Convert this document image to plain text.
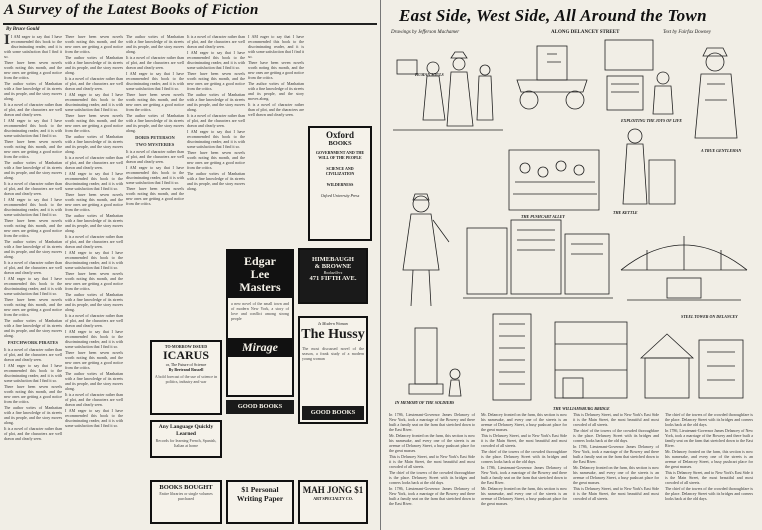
A Survey of the Latest Books of Fiction
By Bruce Gould

I I AM eager to say that I have recommended this book to the discriminating reader, and it is with some satisfaction that I find it so.

There have been seven novels worth noting this month, and the new ones are getting a good notice from the critics.

The author writes of Manhattan with a fine knowledge of its streets and its people, and the story moves along.

It is a novel of character rather than of plot, and the characters are well drawn and clearly seen.

I AM eager to say that I have recommended this book to the discriminating reader, and it is with some satisfaction that I find it so.

There have been seven novels worth noting this month, and the new ones are getting a good notice from the critics.

The author writes of Manhattan with a fine knowledge of its streets and its people, and the story moves along.

It is a novel of character rather than of plot, and the characters are well drawn and clearly seen.

I AM eager to say that I have recommended this book to the discriminating reader, and it is with some satisfaction that I find it so.

There have been seven novels worth noting this month, and the new ones are getting a good notice from the critics.

The author writes of Manhattan with a fine knowledge of its streets and its people, and the story moves along.

It is a novel of character rather than of plot, and the characters are well drawn and clearly seen.

I AM eager to say that I have recommended this book to the discriminating reader, and it is with some satisfaction that I find it so.

There have been seven novels worth noting this month, and the new ones are getting a good notice from the critics.

The author writes of Manhattan with a fine knowledge of its streets and its people, and the story moves along.

PATCHWORK PIRATES

It is a novel of character rather than of plot, and the characters are well drawn and clearly seen.

I AM eager to say that I have recommended this book to the discriminating reader, and it is with some satisfaction that I find it so.

There have been seven novels worth noting this month, and the new ones are getting a good notice from the critics.

The author writes of Manhattan with a fine knowledge of its streets and its people, and the story moves along.

It is a novel of character rather than of plot, and the characters are well drawn and clearly seen.

There have been seven novels worth noting this month, and the new ones are getting a good notice from the critics.

The author writes of Manhattan with a fine knowledge of its streets and its people, and the story moves along.

It is a novel of character rather than of plot, and the characters are well drawn and clearly seen.

I AM eager to say that I have recommended this book to the discriminating reader, and it is with some satisfaction that I find it so.

There have been seven novels worth noting this month, and the new ones are getting a good notice from the critics.

The author writes of Manhattan with a fine knowledge of its streets and its people, and the story moves along.

It is a novel of character rather than of plot, and the characters are well drawn and clearly seen.

I AM eager to say that I have recommended this book to the discriminating reader, and it is with some satisfaction that I find it so.

There have been seven novels worth noting this month, and the new ones are getting a good notice from the critics.

The author writes of Manhattan with a fine knowledge of its streets and its people, and the story moves along.

It is a novel of character rather than of plot, and the characters are well drawn and clearly seen.

I AM eager to say that I have recommended this book to the discriminating reader, and it is with some satisfaction that I find it so.

There have been seven novels worth noting this month, and the new ones are getting a good notice from the critics.

The author writes of Manhattan with a fine knowledge of its streets and its people, and the story moves along.

It is a novel of character rather than of plot, and the characters are well drawn and clearly seen.

I AM eager to say that I have recommended this book to the discriminating reader, and it is with some satisfaction that I find it so.

There have been seven novels worth noting this month, and the new ones are getting a good notice from the critics.

The author writes of Manhattan with a fine knowledge of its streets and its people, and the story moves along.

It is a novel of character rather than of plot, and the characters are well drawn and clearly seen.

I AM eager to say that I have recommended this book to the discriminating reader, and it is with some satisfaction that I find it so.

The author writes of Manhattan with a fine knowledge of its streets and its people, and the story moves along.

It is a novel of character rather than of plot, and the characters are well drawn and clearly seen.

I AM eager to say that I have recommended this book to the discriminating reader, and it is with some satisfaction that I find it so.

There have been seven novels worth noting this month, and the new ones are getting a good notice from the critics.

The author writes of Manhattan with a fine knowledge of its streets and its people, and the story moves along.

DORIS PETERSON
TWO MYSTERIES

It is a novel of character rather than of plot, and the characters are well drawn and clearly seen.

I AM eager to say that I have recommended this book to the discriminating reader, and it is with some satisfaction that I find it so.

There have been seven novels worth noting this month, and the new ones are getting a good notice from the critics.

It is a novel of character rather than of plot, and the characters are well drawn and clearly seen.

I AM eager to say that I have recommended this book to the discriminating reader, and it is with some satisfaction that I find it so.

There have been seven novels worth noting this month, and the new ones are getting a good notice from the critics.

The author writes of Manhattan with a fine knowledge of its streets and its people, and the story moves along.

It is a novel of character rather than of plot, and the characters are well drawn and clearly seen.

I AM eager to say that I have recommended this book to the discriminating reader, and it is with some satisfaction that I find it so.

There have been seven novels worth noting this month, and the new ones are getting a good notice from the critics.

The author writes of Manhattan with a fine knowledge of its streets and its people, and the story moves along.

I AM eager to say that I have recommended this book to the discriminating reader, and it is with some satisfaction that I find it so.

There have been seven novels worth noting this month, and the new ones are getting a good notice from the critics.

The author writes of Manhattan with a fine knowledge of its streets and its people, and the story moves along.

It is a novel of character rather than of plot, and the characters are well drawn and clearly seen.

Oxford
BOOKS
GOVERNMENT AND THE WILL OF THE PEOPLE
SCIENCE AND CIVILIZATION
WILDERNESS
Oxford University Press
Edgar
Lee
Masters
a new novel of the small town and of modern New York, a story of love and conflict among strong people
Mirage
HIMEBAUGH
& BROWNE
Booksellers
471 FIFTH AVE.
TO-MORROW ISSUED
ICARUS
or, The Future of Science
By Bertrand Russell
A bold forecast of the use of science in politics, industry and war
Is Modern Woman
The Hussy
The most discussed novel of the season, a frank study of a modern young woman
GOOD BOOKS
GOOD BOOKS
Any Language Quickly Learned
Records for learning French, Spanish, Italian at home
BOOKS BOUGHT
Entire libraries or single volumes purchased
$1 Personal Writing Paper
MAH JONG $1
ART SPECIALTY CO.
East Side, West Side, All Around the Town
Drawings by Jefferson Machamer	ALONG DELANCEY STREET	Text by Fairfax Downey
HUMAN SOULS
EXPLOITING THE JOYS OF LIFE
THE PUSHCART ALLEY
THE KETTLE
A TRUE GENTLEMAN
STEEL TOWER ON DELANCEY
IN MEMORY OF THE SOLDIERS
THE WILLIAMSBURG BRIDGE

In 1786, Lieutenant-Governor James Delancey of New York, took a marriage of the Bowery and there built a family seat on the farm that stretched down to the East River.

Mr. Delancey fronted on the farm, this section is now his namesake, and every one of the streets is an avenue of Delancey Street, a busy pushcart place for the great masses.

This is Delancey Street, and to New York's East Side it is the Main Street, the most beautiful and most crowded of all streets.

The chief of the towers of the crowded thoroughfare is the place. Delancey Street with its bridges and corners looks back at the old days.

In 1786, Lieutenant-Governor James Delancey of New York, took a marriage of the Bowery and there built a family seat on the farm that stretched down to the East River.

Mr. Delancey fronted on the farm, this section is now his namesake, and every one of the streets is an avenue of Delancey Street, a busy pushcart place for the great masses.

This is Delancey Street, and to New York's East Side it is the Main Street, the most beautiful and most crowded of all streets.

The chief of the towers of the crowded thoroughfare is the place. Delancey Street with its bridges and corners looks back at the old days.

In 1786, Lieutenant-Governor James Delancey of New York, took a marriage of the Bowery and there built a family seat on the farm that stretched down to the East River.

Mr. Delancey fronted on the farm, this section is now his namesake, and every one of the streets is an avenue of Delancey Street, a busy pushcart place for the great masses.

This is Delancey Street, and to New York's East Side it is the Main Street, the most beautiful and most crowded of all streets.

The chief of the towers of the crowded thoroughfare is the place. Delancey Street with its bridges and corners looks back at the old days.

In 1786, Lieutenant-Governor James Delancey of New York, took a marriage of the Bowery and there built a family seat on the farm that stretched down to the East River.

Mr. Delancey fronted on the farm, this section is now his namesake, and every one of the streets is an avenue of Delancey Street, a busy pushcart place for the great masses.

This is Delancey Street, and to New York's East Side it is the Main Street, the most beautiful and most crowded of all streets.

The chief of the towers of the crowded thoroughfare is the place. Delancey Street with its bridges and corners looks back at the old days.

In 1786, Lieutenant-Governor James Delancey of New York, took a marriage of the Bowery and there built a family seat on the farm that stretched down to the East River.

Mr. Delancey fronted on the farm, this section is now his namesake, and every one of the streets is an avenue of Delancey Street, a busy pushcart place for the great masses.

This is Delancey Street, and to New York's East Side it is the Main Street, the most beautiful and most crowded of all streets.

The chief of the towers of the crowded thoroughfare is the place. Delancey Street with its bridges and corners looks back at the old days.
